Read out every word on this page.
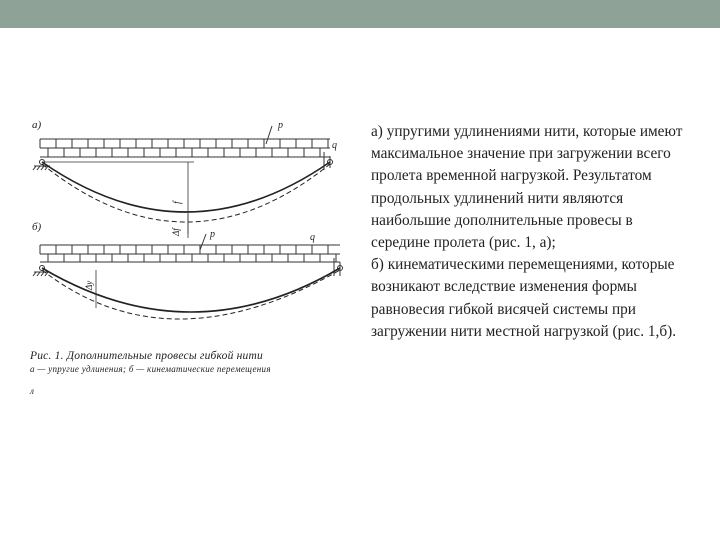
а)	p
q
f
Δf
б)
p	q
Δy
Рис. 1. Дополнительные провесы гибкой нити
а — упругие удлинения; б — кинематические перемещения
л

а) упругими удлинениями нити, которые имеют максимальное значение при загружении всего пролета временной нагрузкой. Результатом продольных удлинений нити являются наибольшие дополнительные провесы в середине пролета (рис. 1, а);

б) кинематическими перемещениями, которые возникают вследствие изменения формы равновесия гибкой висячей системы при загружении нити местной нагрузкой (рис. 1,б).
